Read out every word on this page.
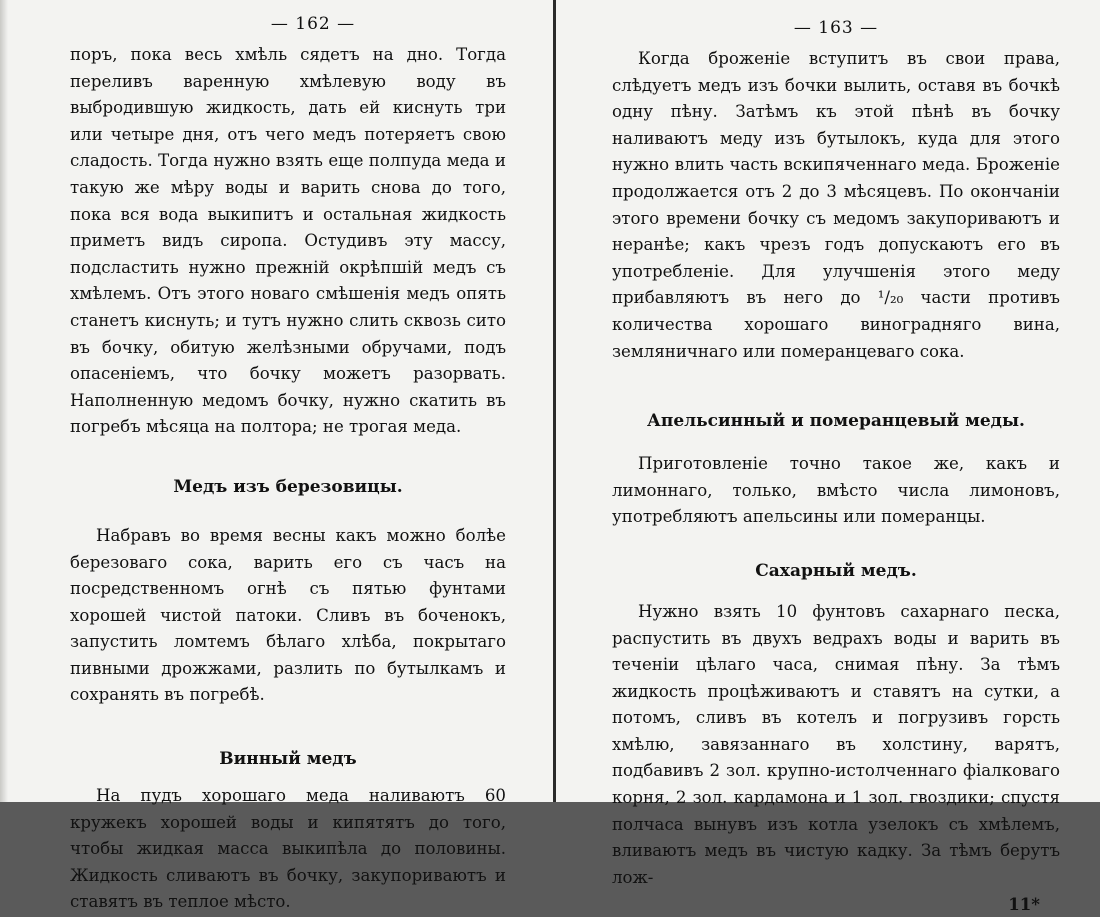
— 162 —

поръ, пока весь хмѣль сядетъ на дно. Тогда переливъ варенную хмѣлевую воду въ выбродившую жидкость, дать ей киснуть три или четыре дня, отъ чего медъ потеряетъ свою сладость. Тогда нужно взять еще полпуда меда и такую же мѣру воды и варить снова до того, пока вся вода выкипитъ и остальная жидкость приметъ видъ сиропа. Остудивъ эту массу, подсластить нужно прежній окрѣпшій медъ съ хмѣлемъ. Отъ этого новаго смѣшенія медъ опять станетъ киснуть; и тутъ нужно слить сквозь сито въ бочку, обитую желѣзными обручами, подъ опасеніемъ, что бочку можетъ разорвать. Наполненную медомъ бочку, нужно скатить въ погребъ мѣсяца на полтора; не трогая меда.

Медъ изъ березовицы.

Набравъ во время весны какъ можно болѣе березоваго сока, варить его съ часъ на посредственномъ огнѣ съ пятью фунтами хорошей чистой патоки. Сливъ въ боченокъ, запустить ломтемъ бѣлаго хлѣба, покрытаго пивными дрожжами, разлить по бутылкамъ и сохранять въ погребѣ.

Винный медъ

На пудъ хорошаго меда наливаютъ 60 кружекъ хорошей воды и кипятятъ до того, чтобы жидкая масса выкипѣла до половины. Жидкость сливаютъ въ бочку, закупориваютъ и ставятъ въ теплое мѣсто.

— 163 —

Когда броженіе вступитъ въ свои права, слѣдуетъ медъ изъ бочки вылить, оставя въ бочкѣ одну пѣну. Затѣмъ къ этой пѣнѣ въ бочку наливаютъ меду изъ бутылокъ, куда для этого нужно влить часть вскипяченнаго меда. Броженіе продолжается отъ 2 до 3 мѣсяцевъ. По окончаніи этого времени бочку съ медомъ закупориваютъ и неранѣе; какъ чрезъ годъ допускаютъ его въ употребленіе. Для улучшенія этого меду прибавляютъ въ него до ¹/₂₀ части противъ количества хорошаго виноградняго вина, земляничнаго или померанцеваго сока.

Апельсинный и померанцевый меды.

Приготовленіе точно такое же, какъ и лимоннаго, только, вмѣсто числа лимоновъ, употребляютъ апельсины или померанцы.

Сахарный медъ.

Нужно взять 10 фунтовъ сахарнаго песка, распустить въ двухъ ведрахъ воды и варить въ теченіи цѣлаго часа, снимая пѣну. За тѣмъ жидкость процѣживаютъ и ставятъ на сутки, а потомъ, сливъ въ котелъ и погрузивъ горсть хмѣлю, завязаннаго въ холстину, варятъ, подбавивъ 2 зол. крупно-истолченнаго фіалковаго корня, 2 зол. кардамона и 1 зол. гвоздики; спустя полчаса вынувъ изъ котла узелокъ съ хмѣлемъ, вливаютъ медъ въ чистую кадку. За тѣмъ берутъ лож-

11*
